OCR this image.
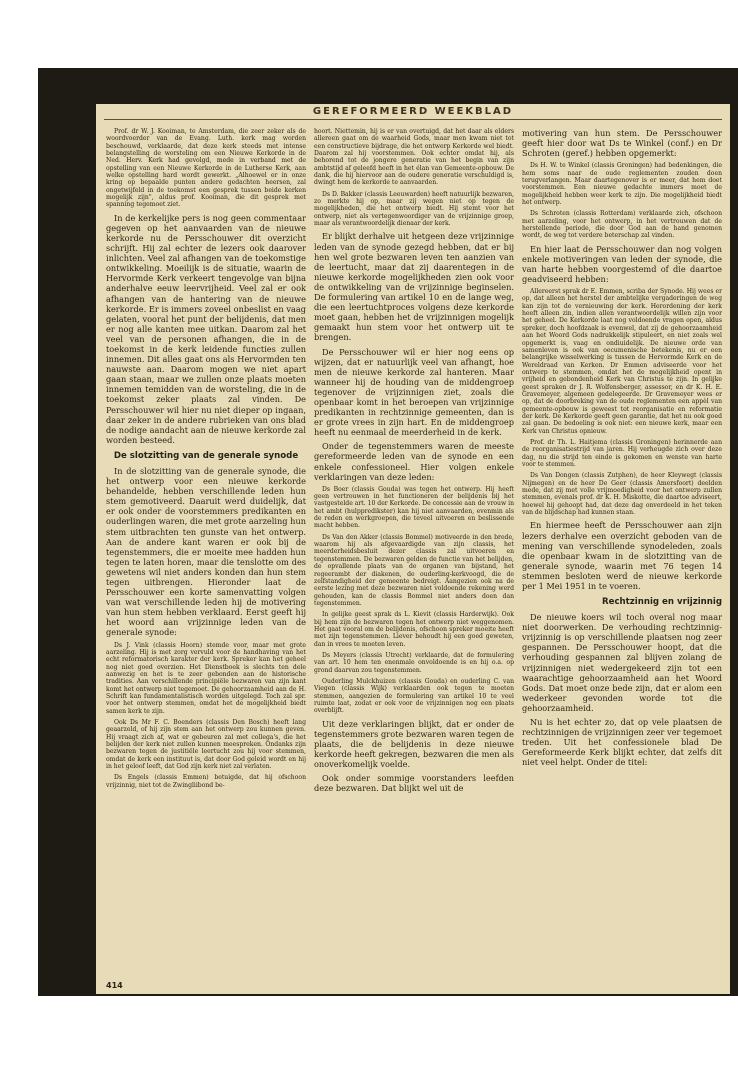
GEREFORMEERD WEEKBLAD

Prof. dr W. J. Kooiman, te Amsterdam, die zeer zeker als de woordvoerder van de Evang. Luth. kerk mag worden beschouwd, verklaarde, dat deze kerk steeds met intense belangstelling de worsteling om een Nieuwe Kerkorde in de Ned. Herv. Kerk had gevolgd, mede in verband met de opstelling van een Nieuwe Kerkorde in de Lutherse Kerk, aan welke opstelling hard wordt gewerkt. „Alhoewel er in onze kring op bepaalde punten andere gedachten heersen, zal ongetwijfeld in de toekomst een gesprek tussen beide kerken mogelijk zijn", aldus prof. Kooiman, die dit gesprek met spanning tegemoet ziet.

In de kerkelijke pers is nog geen commentaar gegeven op het aanvaarden van de nieuwe kerkorde nu de Persschouwer dit overzicht schrijft. Hij zal echter de lezers ook daarover inlichten. Veel zal afhangen van de toekomstige ontwikkeling. Moeilijk is de situatie, waarin de Hervormde Kerk verkeert tengevolge van bijna anderhalve eeuw leervrijheid. Veel zal er ook afhangen van de hantering van de nieuwe kerkorde. Er is immers zoveel onbeslist en vaag gelaten, vooral het punt der belijdenis, dat men er nog alle kanten mee uitkan. Daarom zal het veel van de personen afhangen, die in de toekomst in de kerk leidende functies zullen innemen. Dit alles gaat ons als Hervormden ten nauwste aan. Daarom mogen we niet apart gaan staan, maar we zullen onze plaats moeten innemen temidden van de worsteling, die in de toekomst zeker plaats zal vinden. De Persschouwer wil hier nu niet dieper op ingaan, daar zeker in de andere rubrieken van ons blad de nodige aandacht aan de nieuwe kerkorde zal worden besteed.

De slotzitting van de generale synode

In de slotzitting van de generale synode, die het ontwerp voor een nieuwe kerkorde behandelde, hebben verschillende leden hun stem gemotiveerd. Daaruit werd duidelijk, dat er ook onder de voorstemmers predikanten en ouderlingen waren, die met grote aarzeling hun stem uitbrachten ten gunste van het ontwerp. Aan de andere kant waren er ook bij de tegenstemmers, die er moeite mee hadden hun tegen te laten horen, maar die tenslotte om des gewetens wil niet anders konden dan hun stem tegen uitbrengen. Hieronder laat de Persschouwer een korte samenvatting volgen van wat verschillende leden hij de motivering van hun stem hebben verklaard. Eerst geeft hij het woord aan vrijzinnige leden van de generale synode:

Ds J. Vink (classis Hoorn) stemde voor, maar met grote aarzeling. Hij is met zorg vervuld voor de handhaving van het echt reformatorisch karakter der kerk. Spreker kan het geheel nog niet goed overzien. Het Dienstboek is slechts ten dele aanwezig en het is te zeer gebonden aan de historische tradities. Aan verschillende principiële bezwaren van zijn kant komt het ontwerp niet tegemoet. De gehoorzaamheid aan de H. Schrift kan fundamentalistisch worden uitgelegd. Toch zal spr. voor het ontwerp stemmen, omdat het de mogelijkheid biedt samen kerk te zijn.

Ook Ds Mr F. C. Boenders (classis Den Bosch) heeft lang geaarzeld, of hij zijn stem aan het ontwerp zou kunnen geven. Hij vraagt zich af, wat er gebeuren zal met collega's, die het belijden der kerk niet zullen kunnen meespreken. Ondanks zijn bezwaren tegen de justitiële leertucht zou hij voor stemmen, omdat de kerk een instituut is, dat door God geleid wordt en hij in het geloof leeft, dat God zijn kerk niet zal verlaten.

Ds Engels (classis Emmen) betuigde, dat hij ofschoon vrijzinnig, niet tot de Zwingliibond be-

hoort. Niettemin, hij is er van overtuigd, dat het daar als elders allereen gaat om de waarheid Gods, maar men kwam niet tot een constructieve bijdrage, die het ontwerp Kerkorde wel biedt. Daarom zal hij voorstemmen. Ook echter omdat hij, als behorend tot de jongere generatie van het begin van zijn ambtstijd af geleefd heeft in het élan van Gemeente-opbouw. De dank, die hij hiervoor aan de oudere generatie verschuldigd is, dwingt hem de kerkorde te aanvaarden.

Ds D. Bakker (classis Leeuwarden) heeft natuurlijk bezwaren, zo merkte hij op, maar zij wegen niet op tegen de mogelijkheden, die het ontwerp biedt. Hij stemt voor het ontwerp, niet als vertegenwoordiger van de vrijzinnige groep, maar als verantwoordelijk dienaar der kerk.

Er blijkt derhalve uit hetgeen deze vrijzinnige leden van de synode gezegd hebben, dat er bij hen wel grote bezwaren leven ten aanzien van de leertucht, maar dat zij daarentegen in de nieuwe kerkorde mogelijkheden zien ook voor de ontwikkeling van de vrijzinnige beginselen. De formulering van artikel 10 en de lange weg, die een leertuchtproces volgens deze kerkorde moet gaan, hebben het de vrijzinnigen mogelijk gemaakt hun stem voor het ontwerp uit te brengen.

De Persschouwer wil er hier nog eens op wijzen, dat er natuurlijk veel van afhangt, hoe men de nieuwe kerkorde zal hanteren. Maar wanneer hij de houding van de middengroep tegenover de vrijzinnigen ziet, zoals die openbaar komt in het beroepen van vrijzinnige predikanten in rechtzinnige gemeenten, dan is er grote vrees in zijn hart. En de middengroep heeft nu eenmaal de meerderheid in de kerk.

Onder de tegenstemmers waren de meeste gereformeerde leden van de synode en een enkele confessioneel. Hier volgen enkele verklaringen van deze leden:

Ds Boer (classis Gouda) was tegen het ontwerp. Hij heeft geen vertrouwen in het functioneren der belijdenis bij het vastgestelde art. 10 der Kerkorde. De concessie aan de vrouw in het ambt (hulppredikster) kan hij niet aanvaarden, evenmin als de reden en werkgroepen, die teveel uitvoeren en beslissende macht hebben.

Ds Van den Akker (classis Bommel) motiveerde in den brede, waarom hij als afgevaardigde van zijn classis, het meerderheidsbesluit dezer classis zal uitvoeren en tegenstemmen. De bezwaren gelden de functie van het belijden, de opvallende plaats van de organen van bijstand, het regeerambt der diakenen, de ouderling-kerkvoogd, die de zelfstandigheid der gemeente bedreigt. Aangezien ook na de eerste lezing met deze bezwaren niet voldoende rekening werd gehouden, kan de classis Bommel niet anders doen dan tegenstemmen.

In gelijke geest sprak ds L. Kievit (classis Harderwijk). Ook bij hem zijn de bezwaren tegen het ontwerp niet weggenomen. Het gaat vooral om de belijdenis, ofschoon spreker moeite heeft met zijn tegenstemmen. Liever behoudt hij een goed geweten, dan in vrees te moeten leven.

Ds Meyers (classis Utrecht) verklaarde, dat de formulering van art. 10 hem ten enenmale onvoldoende is en hij o.a. op grond daarvan zou tegenstemmen.

Ouderling Mulckhuizen (classis Gouda) en ouderling C. van Viegen (classis Wijk) verklaarden ook tegen te moeten stemmen, aangezien de formulering van artikel 10 te veel ruimte laat, zodat er ook voor de vrijzinnigen nog een plaats overblijft.

Uit deze verklaringen blijkt, dat er onder de tegenstemmers grote bezwaren waren tegen de plaats, die de belijdenis in deze nieuwe kerkorde heeft gekregen, bezwaren die men als onoverkomelijk voelde.

Ook onder sommige voorstanders leefden deze bezwaren. Dat blijkt wel uit de

motivering van hun stem. De Persschouwer geeft hier door wat Ds te Winkel (conf.) en Dr Schroten (geref.) hebben opgemerkt:

Ds H. W. te Winkel (classis Groningen) had bedenkingen, die hem soms naar de oude reglementen zouden doen terugverlangen. Maar daartegenover is er meer, dat hem doet voorstemmen. Een nieuwe gedachte immers moet de mogelijkheid hebben weer kerk te zijn. Die mogelijkheid biedt het ontwerp.

Ds Schroten (classis Rotterdam) verklaarde zich, ofschoon met aarzeling, voor het ontwerp, in het vertrouwen dat de herstellende periode, die door God aan de hand genomen wordt, de weg tot verdere beterschap zal vinden.

En hier laat de Persschouwer dan nog volgen enkele motiveringen van leden der synode, die van harte hebben voorgestemd of die daartoe geadviseerd hebben:

Allereerst sprak dr E. Emmen, scriba der Synode. Hij wees er op, dat alleen het herstel der ambtelijke vergaderingen de weg kan zijn tot de vernieuwing der kerk. Herordening der kerk heeft alleen zin, indien allen verantwoordelijk willen zijn voor het geheel. De Kerkorde laat nog voldoende vragen open, aldus spreker, doch hoofdzaak is evenwel, dat zij de gehoorzaamheid aan het Woord Gods nadrukkelijk stipuleert, en niet zoals wel opgemerkt is, vaag en ondiuidelijk. De nieuwe orde van samenleven is ook van oecumenische betekenis, nu er een belangrijke wisselwerking is tussen de Hervormde Kerk en de Wereldraad van Kerken. Dr Emmen adviseerde voor het ontwerp te stemmen, omdat het de mogelijkheid opent in vrijheid en gebondenheid Kerk van Christus te zijn. In gelijke geest spraken dr J. R. Wolfensberger, assessor, en dr K. H. E. Gravemeyer, algemeen gedelegeerde. Dr Gravemeyer wees er op, dat de doorbreking van de oude reglementen een appèl van gemeente-opbouw is geweest tot reorganisatie en reformatie der kerk. De Kerkorde geeft geen garantie, dat het nu ook goed zal gaan. De bedoeling is ook niet: een nieuwe kerk, maar een Kerk van Christus opnieuw.

Prof. dr Th. L. Haitjema (classis Groningen) herinnerde aan de reorganisatiestrijd van jaren. Hij verheugde zich over deze dag, nu die strijd ten einde is gekomen en wenste van harte voor te stemmen.

Ds Van Dongen (classis Zutphen), de heer Kleywegt (classis Nijmegen) en de heer De Geer (classis Amersfoort) deelden mede, dat zij met volle vrijmoedigheid voor het ontwerp zullen stemmen, evenals prof. dr K. H. Miskotte, die daartoe adviseert, hoewel hij gehoopt had, dat deze dag onverdeeld in het teken van de blijdschap had kunnen staan.

En hiermee heeft de Persschouwer aan zijn lezers derhalve een overzicht geboden van de mening van verschillende synodeleden, zoals die openbaar kwam in de slotzitting van de generale synode, waarin met 76 tegen 14 stemmen besloten werd de nieuwe kerkorde per 1 Mei 1951 in te voeren.

Rechtzinnig en vrijzinnig

De nieuwe koers wil toch overal nog maar niet doorwerken. De verhouding rechtzinnig-vrijzinnig is op verschillende plaatsen nog zeer gespannen. De Persschouwer hoopt, dat die verhouding gespannen zal blijven zolang de vrijzinnigen niet wedergekeerd zijn tot een waarachtige gehoorzaamheid aan het Woord Gods. Dat moet onze bede zijn, dat er alom een wederkeer gevonden worde tot die gehoorzaamheid.

Nu is het echter zo, dat op vele plaatsen de rechtzinnigen de vrijzinnigen zeer ver tegemoet treden. Uit het confessionele blad De Gereformeerde Kerk blijkt echter, dat zelfs dit niet veel helpt. Onder de titel:

414
